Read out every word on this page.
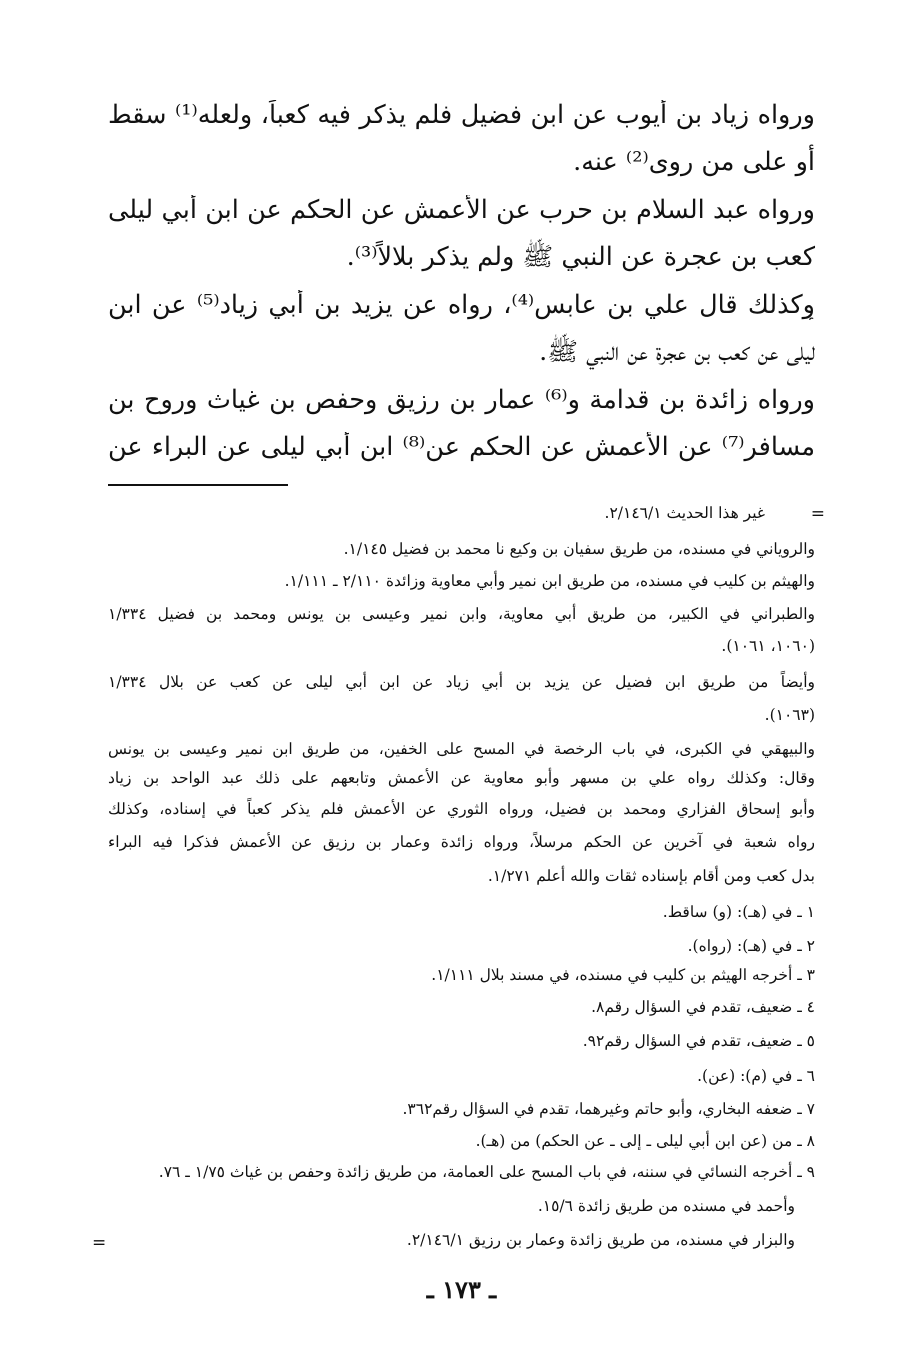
ورواه زياد بن أيوب عن ابن فضيل فلم يذكر فيه كعباً، ولعله⁽¹⁾ سقط
أو على من روى⁽²⁾ عنه.
ورواه عبد السلام بن حرب عن الأعمش عن الحكم عن ابن أبي ليلى
كعب بن عجرة عن النبي ﷺ ولم يذكر بلالاً⁽³⁾.
وكذلك قال علي بن عابس⁽⁴⁾، رواه عن يزيد بن أبي زياد⁽⁵⁾ عن ابن
ليلى عن كعب بن عجرة عن النبي ﷺ.
ورواه زائدة بن قدامة و⁽⁶⁾ عمار بن رزيق وحفص بن غياث وروح بن
مسافر⁽⁷⁾ عن الأعمش عن الحكم عن⁽⁸⁾ ابن أبي ليلى عن البراء عن
=
غير هذا الحديث ٢/١٤٦/١.
والروياني في مسنده، من طريق سفيان بن وكيع نا محمد بن فضيل ١/١٤٥.
والهيثم بن كليب في مسنده، من طريق ابن نمير وأبي معاوية وزائدة ٢/١١٠ ـ ١/١١١.
والطبراني في الكبير، من طريق أبي معاوية، وابن نمير وعيسى بن يونس ومحمد بن فضيل ١/٣٣٤
(١٠٦٠، ١٠٦١).
وأيضاً من طريق ابن فضيل عن يزيد بن أبي زياد عن ابن أبي ليلى عن كعب عن بلال ١/٣٣٤
(١٠٦٣).
والبيهقي في الكبرى، في باب الرخصة في المسح على الخفين، من طريق ابن نمير وعيسى بن يونس
وقال: وكذلك رواه علي بن مسهر وأبو معاوية عن الأعمش وتابعهم على ذلك عبد الواحد بن زياد
وأبو إسحاق الفزاري ومحمد بن فضيل، ورواه الثوري عن الأعمش فلم يذكر كعباً في إسناده، وكذلك
رواه شعبة في آخرين عن الحكم مرسلاً، ورواه زائدة وعمار بن رزيق عن الأعمش فذكرا فيه البراء
بدل كعب ومن أقام بإسناده ثقات والله أعلم ١/٢٧١.
١ ـ في (هـ): (و) ساقط.
٢ ـ في (هـ): (رواه).
٣ ـ أخرجه الهيثم بن كليب في مسنده، في مسند بلال ١/١١١.
٤ ـ ضعيف، تقدم في السؤال رقم٨.
٥ ـ ضعيف، تقدم في السؤال رقم٩٢.
٦ ـ في (م): (عن).
٧ ـ ضعفه البخاري، وأبو حاتم وغيرهما، تقدم في السؤال رقم٣٦٢.
٨ ـ من (عن ابن أبي ليلى ـ إلى ـ عن الحكم) من (هـ).
٩ ـ أخرجه النسائي في سننه، في باب المسح على العمامة، من طريق زائدة وحفص بن غياث ١/٧٥ ـ ٧٦.
وأحمد في مسنده من طريق زائدة ١٥/٦.
والبزار في مسنده، من طريق زائدة وعمار بن رزيق ٢/١٤٦/١.
=
ـ ١٧٣ ـ
